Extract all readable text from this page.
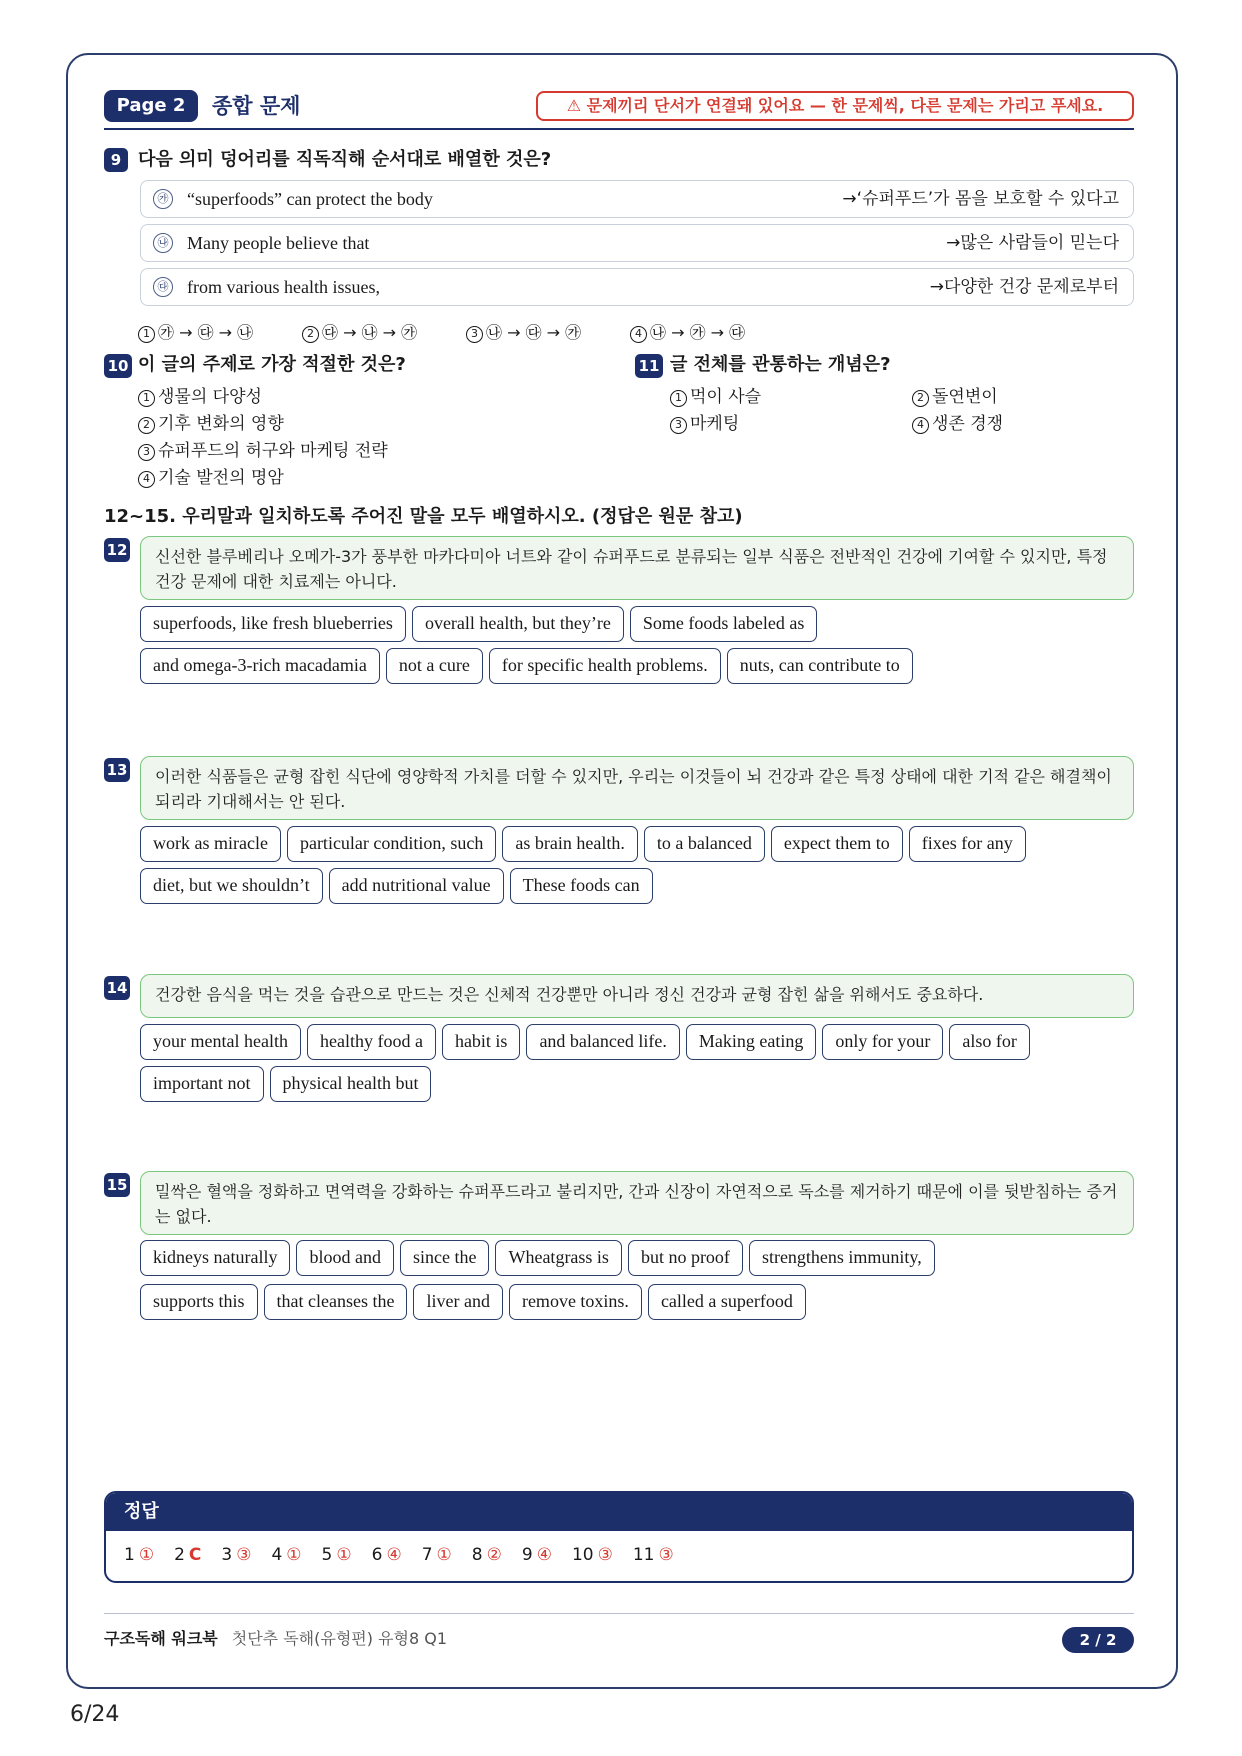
Page 2	종합 문제	⚠ 문제끼리 단서가 연결돼 있어요 — 한 문제씩, 다른 문제는 가리고 푸세요.
9 다음 의미 덩어리를 직독직해 순서대로 배열한 것은?
㉮ “superfoods” can protect the body	→‘슈퍼푸드’가 몸을 보호할 수 있다고
㉯ Many people believe that	→많은 사람들이 믿는다
㉰ from various health issues,	→다양한 건강 문제로부터
1 ㉮ → ㉰ → ㉯	2 ㉰ → ㉯ → ㉮	3 ㉯ → ㉰ → ㉮	4 ㉯ → ㉮ → ㉰
10 이 글의 주제로 가장 적절한 것은?
1 생물의 다양성
2 기후 변화의 영향
3 슈퍼푸드의 허구와 마케팅 전략
4 기술 발전의 명암
11 글 전체를 관통하는 개념은?
1 먹이 사슬	2 돌연변이
3 마케팅	4 생존 경쟁
12~15. 우리말과 일치하도록 주어진 말을 모두 배열하시오. (정답은 원문 참고)
12	신선한 블루베리나 오메가-3가 풍부한 마카다미아 너트와 같이 슈퍼푸드로 분류되는 일부 식품은 전반적인 건강에 기여할 수 있지만, 특정 건강 문제에 대한 치료제는 아니다.
superfoods, like fresh blueberries	overall health, but they’re	Some foods labeled as
and omega-3-rich macadamia	not a cure	for specific health problems.	nuts, can contribute to
13	이러한 식품들은 균형 잡힌 식단에 영양학적 가치를 더할 수 있지만, 우리는 이것들이 뇌 건강과 같은 특정 상태에 대한 기적 같은 해결책이 되리라 기대해서는 안 된다.
work as miracle	particular condition, such	as brain health.	to a balanced	expect them to	fixes for any
diet, but we shouldn’t	add nutritional value	These foods can
14	건강한 음식을 먹는 것을 습관으로 만드는 것은 신체적 건강뿐만 아니라 정신 건강과 균형 잡힌 삶을 위해서도 중요하다.
your mental health	healthy food a	habit is	and balanced life.	Making eating	only for your	also for
important not	physical health but
15	밀싹은 혈액을 정화하고 면역력을 강화하는 슈퍼푸드라고 불리지만, 간과 신장이 자연적으로 독소를 제거하기 때문에 이를 뒷받침하는 증거는 없다.
kidneys naturally	blood and	since the	Wheatgrass is	but no proof	strengthens immunity,
supports this	that cleanses the	liver and	remove toxins.	called a superfood
정답
1 ① 2 C 3 ③ 4 ① 5 ① 6 ④ 7 ① 8 ② 9 ④ 10 ③ 11 ③
구조독해 워크북 첫단추 독해(유형편) 유형8 Q1	2 / 2
6/24
